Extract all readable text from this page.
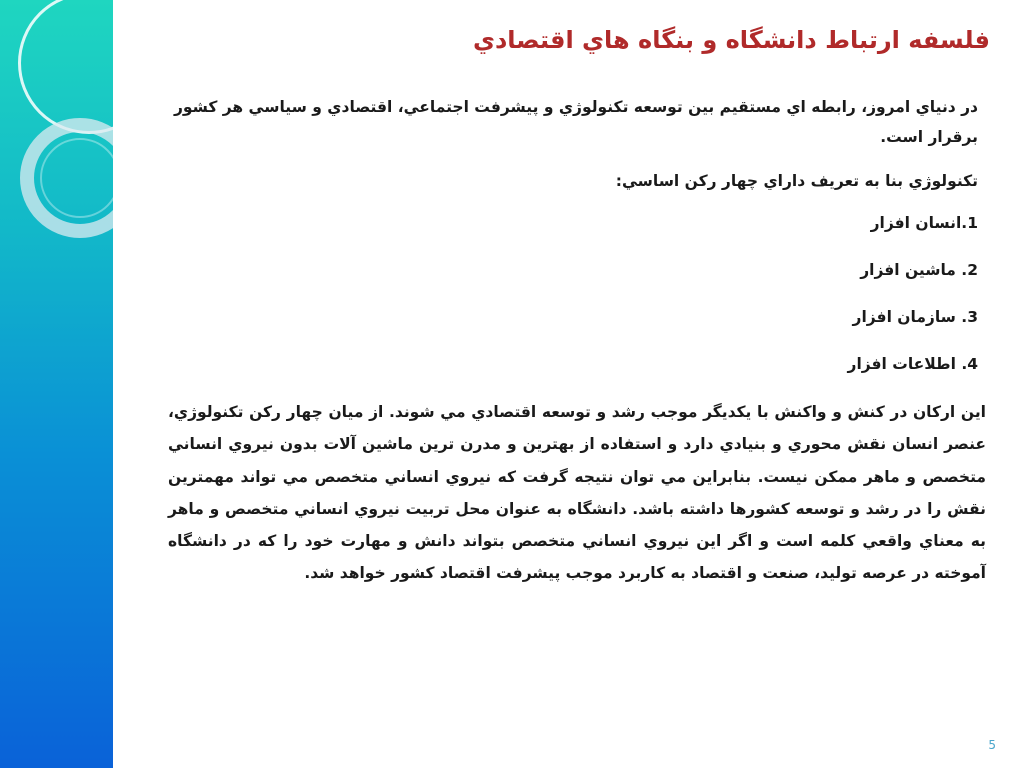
فلسفه ارتباط دانشگاه و بنگاه هاي اقتصادي

در دنياي امروز، رابطه اي مستقيم بين توسعه تكنولوژي و پيشرفت اجتماعي، اقتصادي و سياسي هر كشور برقرار است.

تكنولوژي بنا به تعريف داراي چهار ركن اساسي:

1.انسان افزار

2. ماشين افزار

3. سازمان افزار

4. اطلاعات افزار

اين اركان در كنش و واكنش با يكديگر موجب رشد و توسعه اقتصادي مي شوند. از ميان چهار ركن تكنولوژي، عنصر انسان نقش محوري و بنيادي دارد و استفاده از بهترين و مدرن ترين ماشين آلات بدون نيروي انساني متخصص و ماهر ممكن نيست. بنابراين مي توان نتيجه گرفت كه نيروي انساني متخصص مي تواند مهمترين نقش را در رشد و توسعه كشورها داشته باشد. دانشگاه به عنوان محل تربيت نيروي انساني متخصص و ماهر به معناي واقعي كلمه است و اگر اين نيروي انساني متخصص بتواند دانش و مهارت خود را كه در دانشگاه آموخته در عرصه توليد، صنعت و اقتصاد به كاربرد موجب پيشرفت اقتصاد كشور خواهد شد.

5
